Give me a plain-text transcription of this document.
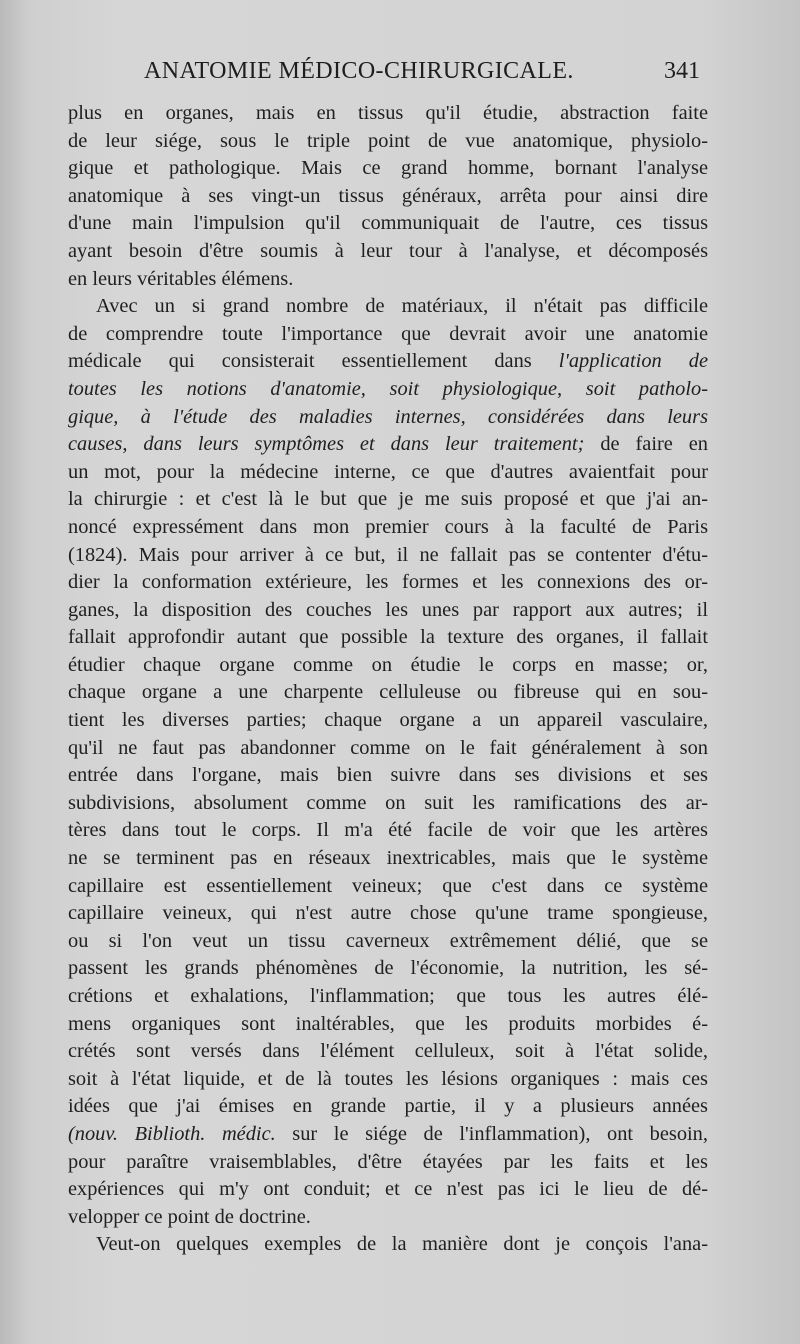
ANATOMIE MÉDICO-CHIRURGICALE.	341
plus en organes, mais en tissus qu'il étudie, abstraction faite
de leur siége, sous le triple point de vue anatomique, physiolo-
gique et pathologique. Mais ce grand homme, bornant l'analyse
anatomique à ses vingt-un tissus généraux, arrêta pour ainsi dire
d'une main l'impulsion qu'il communiquait de l'autre, ces tissus
ayant besoin d'être soumis à leur tour à l'analyse, et décomposés
en leurs véritables élémens.
Avec un si grand nombre de matériaux, il n'était pas difficile
de comprendre toute l'importance que devrait avoir une anatomie
médicale qui consisterait essentiellement dans l'application de
toutes les notions d'anatomie, soit physiologique, soit patholo-
gique, à l'étude des maladies internes, considérées dans leurs
causes, dans leurs symptômes et dans leur traitement; de faire en
un mot, pour la médecine interne, ce que d'autres avaientfait pour
la chirurgie : et c'est là le but que je me suis proposé et que j'ai an-
noncé expressément dans mon premier cours à la faculté de Paris
(1824). Mais pour arriver à ce but, il ne fallait pas se contenter d'étu-
dier la conformation extérieure, les formes et les connexions des or-
ganes, la disposition des couches les unes par rapport aux autres; il
fallait approfondir autant que possible la texture des organes, il fallait
étudier chaque organe comme on étudie le corps en masse; or,
chaque organe a une charpente celluleuse ou fibreuse qui en sou-
tient les diverses parties; chaque organe a un appareil vasculaire,
qu'il ne faut pas abandonner comme on le fait généralement à son
entrée dans l'organe, mais bien suivre dans ses divisions et ses
subdivisions, absolument comme on suit les ramifications des ar-
tères dans tout le corps. Il m'a été facile de voir que les artères
ne se terminent pas en réseaux inextricables, mais que le système
capillaire est essentiellement veineux; que c'est dans ce système
capillaire veineux, qui n'est autre chose qu'une trame spongieuse,
ou si l'on veut un tissu caverneux extrêmement délié, que se
passent les grands phénomènes de l'économie, la nutrition, les sé-
crétions et exhalations, l'inflammation; que tous les autres élé-
mens organiques sont inaltérables, que les produits morbides é-
crétés sont versés dans l'élément celluleux, soit à l'état solide,
soit à l'état liquide, et de là toutes les lésions organiques : mais ces
idées que j'ai émises en grande partie, il y a plusieurs années
(nouv. Biblioth. médic. sur le siége de l'inflammation), ont besoin,
pour paraître vraisemblables, d'être étayées par les faits et les
expériences qui m'y ont conduit; et ce n'est pas ici le lieu de dé-
velopper ce point de doctrine.
Veut-on quelques exemples de la manière dont je conçois l'ana-
